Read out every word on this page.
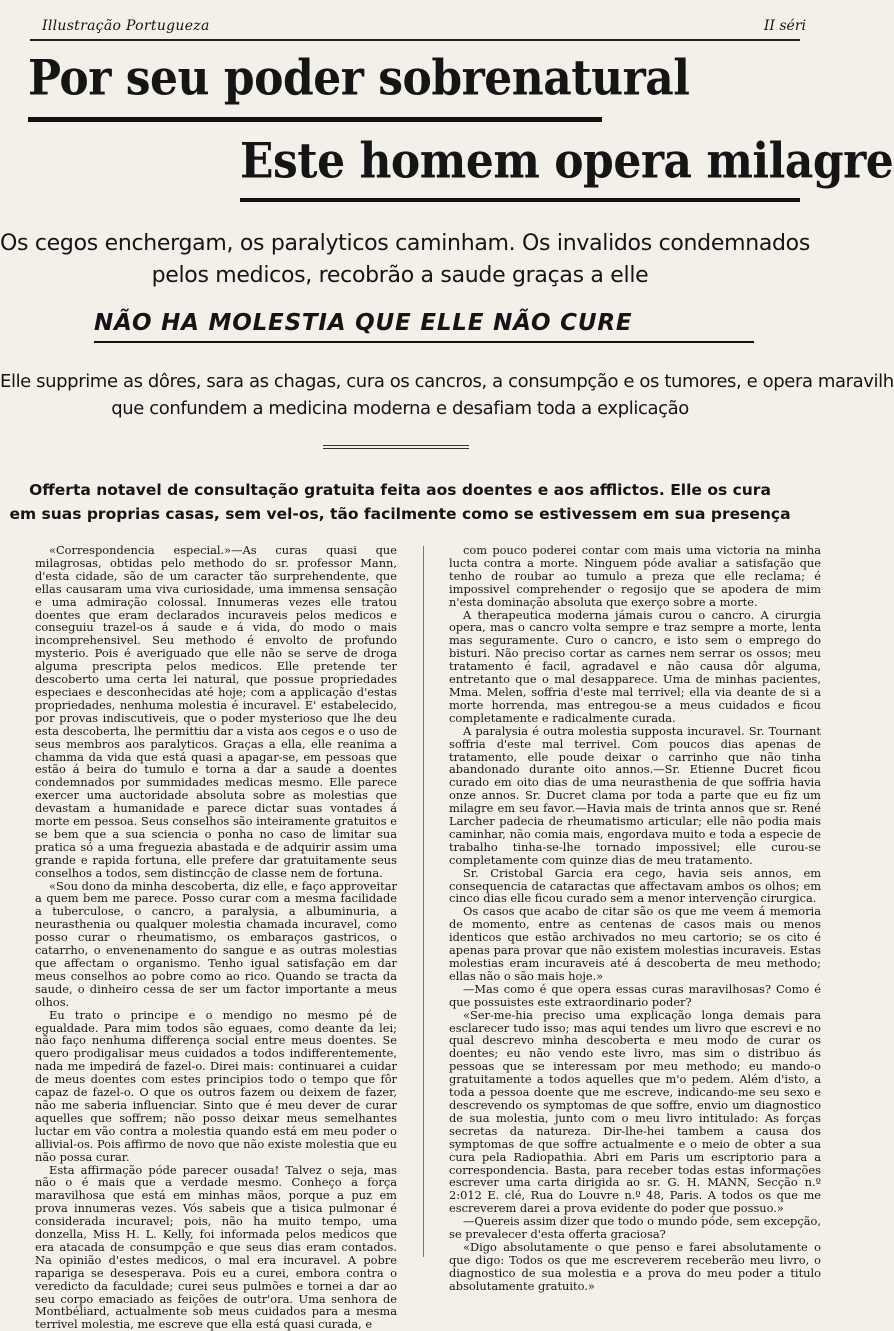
Illustração Portugueza	II séri
Por seu poder sobrenatural
Este homem opera milagre
Os cegos enchergam, os paralyticos caminham. Os invalidos condemnados
pelos medicos, recobrão a saude graças a elle
NÃO HA MOLESTIA QUE ELLE NÃO CURE
Elle supprime as dôres, sara as chagas, cura os cancros, a consumpção e os tumores, e opera maravilh
que confundem a medicina moderna e desafiam toda a explicação
Offerta notavel de consultação gratuita feita aos doentes e aos afflictos. Elle os cura
em suas proprias casas, sem vel-os, tão facilmente como se estivessem em sua presença

«Correspondencia especial.»—As curas quasi que milagrosas, obtidas pelo methodo do sr. professor Mann, d'esta cidade, são de um caracter tão surprehendente, que ellas causaram uma viva curiosidade, uma immensa sensação e uma admiração colossal. Innumeras vezes elle tratou doentes que eram declarados incuraveis pelos medicos e conseguiu trazel-os á saude e á vida, do modo o mais incomprehensivel. Seu methodo é envolto de profundo mysterio. Pois é averiguado que elle não se serve de droga alguma prescripta pelos medicos. Elle pretende ter descoberto uma certa lei natural, que possue propriedades especiaes e desconhecidas até hoje; com a applicação d'estas propriedades, nenhuma molestia é incuravel. E' estabelecido, por provas indiscutiveis, que o poder mysterioso que lhe deu esta descoberta, lhe permittiu dar a vista aos cegos e o uso de seus membros aos paralyticos. Graças a ella, elle reanima a chamma da vida que está quasi a apagar-se, em pessoas que estão á beira do tumulo e torna a dar a saude a doentes condemnados por summidades medicas mesmo. Elle parece exercer uma auctoridade absoluta sobre as molestias que devastam a humanidade e parece dictar suas vontades á morte em pessoa. Seus conselhos são inteiramente gratuitos e se bem que a sua sciencia o ponha no caso de limitar sua pratica só a uma freguezia abastada e de adquirir assim uma grande e rapida fortuna, elle prefere dar gratuitamente seus conselhos a todos, sem distincção de classe nem de fortuna.

«Sou dono da minha descoberta, diz elle, e faço approveitar a quem bem me parece. Posso curar com a mesma facilidade a tuberculose, o cancro, a paralysia, a albuminuria, a neurasthenia ou qualquer molestia chamada incuravel, como posso curar o rheumatismo, os embaraços gastricos, o catarrho, o envenenamento do sangue e as outras molestias que affectam o organismo. Tenho igual satisfação em dar meus conselhos ao pobre como ao rico. Quando se tracta da saude, o dinheiro cessa de ser um factor importante a meus olhos.

Eu trato o principe e o mendigo no mesmo pé de egualdade. Para mim todos são eguaes, como deante da lei; não faço nenhuma differença social entre meus doentes. Se quero prodigalisar meus cuidados a todos indifferentemente, nada me impedirá de fazel-o. Direi mais: continuarei a cuidar de meus doentes com estes principios todo o tempo que fôr capaz de fazel-o. O que os outros fazem ou deixem de fazer, não me saberia influenciar. Sinto que é meu dever de curar aquelles que soffrem; não posso deixar meus semelhantes luctar em vão contra a molestia quando está em meu poder o allivial-os. Pois affirmo de novo que não existe molestia que eu não possa curar.

Esta affirmação póde parecer ousada! Talvez o seja, mas não o é mais que a verdade mesmo. Conheço a força maravilhosa que está em minhas mãos, porque a puz em prova innumeras vezes. Vós sabeis que a tisica pulmonar é considerada incuravel; pois, não ha muito tempo, uma donzella, Miss H. L. Kelly, foi informada pelos medicos que era atacada de consumpção e que seus dias eram contados. Na opinião d'estes medicos, o mal era incuravel. A pobre rapariga se desesperava. Pois eu a curei, embora contra o veredicto da faculdade; curei seus pulmões e tornei a dar ao seu corpo emaciado as feições de outr'ora. Uma senhora de Montbéliard, actualmente sob meus cuidados para a mesma terrivel molestia, me escreve que ella está quasi curada, e

com pouco poderei contar com mais uma victoria na minha lucta contra a morte. Ninguem póde avaliar a satisfação que tenho de roubar ao tumulo a preza que elle reclama; é impossivel comprehender o regosijo que se apodera de mim n'esta dominação absoluta que exerço sobre a morte.

A therapeutica moderna jámais curou o cancro. A cirurgia opera, mas o cancro volta sempre e traz sempre a morte, lenta mas seguramente. Curo o cancro, e isto sem o emprego do bisturi. Não preciso cortar as carnes nem serrar os ossos; meu tratamento é facil, agradavel e não causa dôr alguma, entretanto que o mal desapparece. Uma de minhas pacientes, Mma. Melen, soffria d'este mal terrivel; ella via deante de si a morte horrenda, mas entregou-se a meus cuidados e ficou completamente e radicalmente curada.

A paralysia é outra molestia supposta incuravel. Sr. Tournant soffria d'este mal terrivel. Com poucos dias apenas de tratamento, elle poude deixar o carrinho que não tinha abandonado durante oito annos.—Sr. Etienne Ducret ficou curado em oito dias de uma neurasthenia de que soffria havia onze annos. Sr. Ducret clama por toda a parte que eu fiz um milagre em seu favor.—Havia mais de trinta annos que sr. René Larcher padecia de rheumatismo articular; elle não podia mais caminhar, não comia mais, engordava muito e toda a especie de trabalho tinha-se-lhe tornado impossivel; elle curou-se completamente com quinze dias de meu tratamento.

Sr. Cristobal Garcia era cego, havia seis annos, em consequencia de cataractas que affectavam ambos os olhos; em cinco dias elle ficou curado sem a menor intervenção cirurgica.

Os casos que acabo de citar são os que me veem á memoria de momento, entre as centenas de casos mais ou menos identicos que estão archivados no meu cartorio; se os cito é apenas para provar que não existem molestias incuraveis. Estas molestias eram incuraveis até á descoberta de meu methodo; ellas não o são mais hoje.»

—Mas como é que opera essas curas maravilhosas? Como é que possuistes este extraordinario poder?

«Ser-me-hia preciso uma explicação longa demais para esclarecer tudo isso; mas aqui tendes um livro que escrevi e no qual descrevo minha descoberta e meu modo de curar os doentes; eu não vendo este livro, mas sim o distribuo ás pessoas que se interessam por meu methodo; eu mando-o gratuitamente a todos aquelles que m'o pedem. Além d'isto, a toda a pessoa doente que me escreve, indicando-me seu sexo e descrevendo os symptomas de que soffre, envio um diagnostico de sua molestia, junto com o meu livro intitulado: As forças secretas da natureza. Dir-lhe-hei tambem a causa dos symptomas de que soffre actualmente e o meio de obter a sua cura pela Radiopathia. Abri em Paris um escriptorio para a correspondencia. Basta, para receber todas estas informações escrever uma carta dirigida ao sr. G. H. MANN, Secção n.º 2:012 E. clé, Rua do Louvre n.º 48, Paris. A todos os que me escreverem darei a prova evidente do poder que possuo.»

—Quereis assim dizer que todo o mundo póde, sem excepção, se prevalecer d'esta offerta graciosa?

«Digo absolutamente o que penso e farei absolutamente o que digo: Todos os que me escreverem receberão meu livro, o diagnostico de sua molestia e a prova do meu poder a titulo absolutamente gratuito.»
